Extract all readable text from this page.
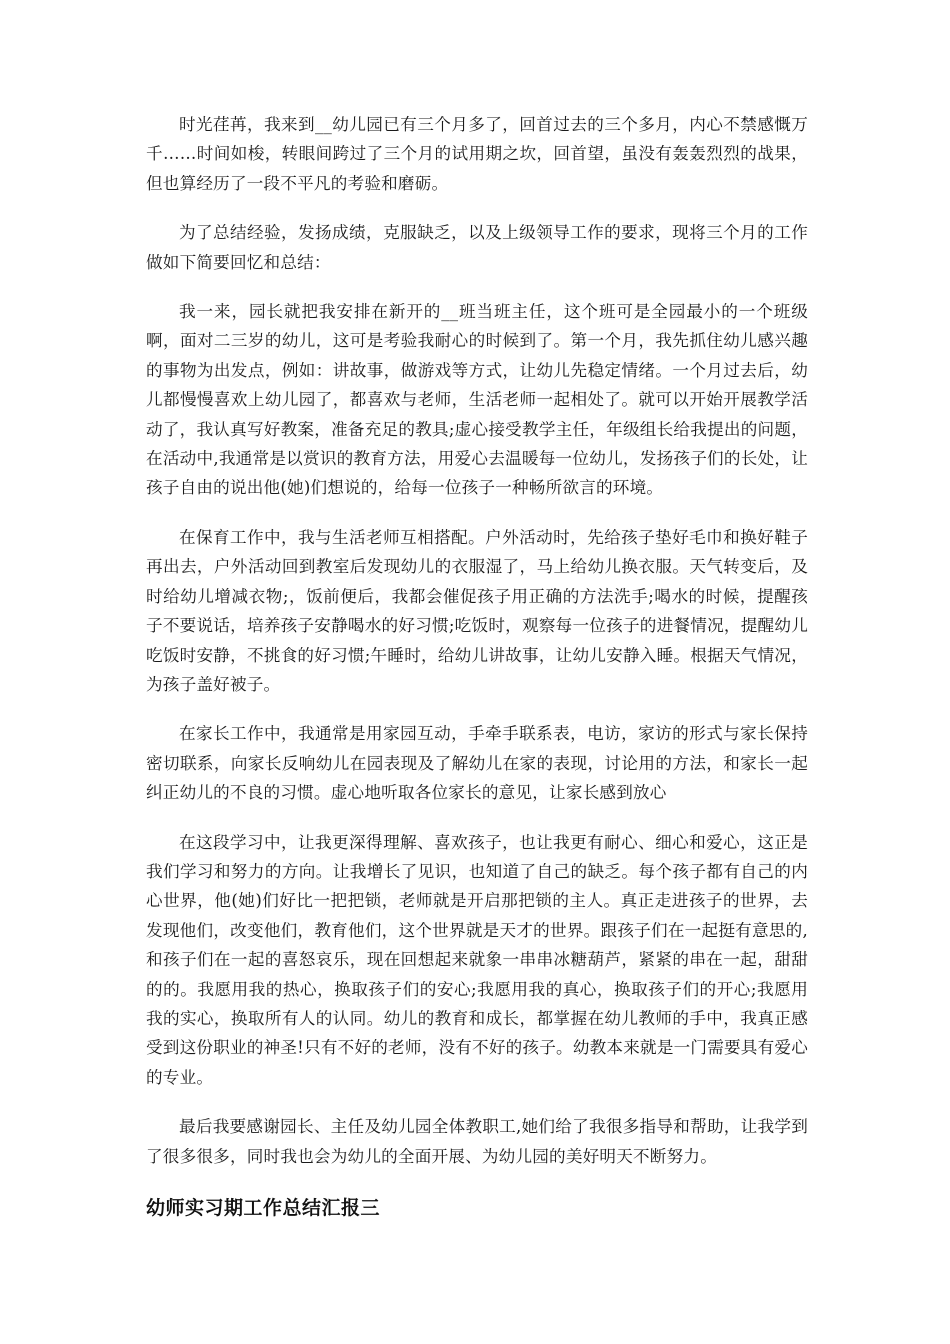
时光荏苒，我来到__幼儿园已有三个月多了，回首过去的三个多月，内心不禁感慨万千……时间如梭，转眼间跨过了三个月的试用期之坎，回首望，虽没有轰轰烈烈的战果，但也算经历了一段不平凡的考验和磨砺。

为了总结经验，发扬成绩，克服缺乏，以及上级领导工作的要求，现将三个月的工作做如下简要回忆和总结：

我一来，园长就把我安排在新开的__班当班主任，这个班可是全园最小的一个班级啊，面对二三岁的幼儿，这可是考验我耐心的时候到了。第一个月，我先抓住幼儿感兴趣的事物为出发点，例如：讲故事，做游戏等方式，让幼儿先稳定情绪。一个月过去后，幼儿都慢慢喜欢上幼儿园了，都喜欢与老师，生活老师一起相处了。就可以开始开展教学活动了，我认真写好教案，准备充足的教具;虚心接受教学主任，年级组长给我提出的问题，在活动中,我通常是以赏识的教育方法，用爱心去温暖每一位幼儿，发扬孩子们的长处，让孩子自由的说出他(她)们想说的，给每一位孩子一种畅所欲言的环境。

在保育工作中，我与生活老师互相搭配。户外活动时，先给孩子垫好毛巾和换好鞋子再出去，户外活动回到教室后发现幼儿的衣服湿了，马上给幼儿换衣服。天气转变后，及时给幼儿增减衣物;，饭前便后，我都会催促孩子用正确的方法洗手;喝水的时候，提醒孩子不要说话，培养孩子安静喝水的好习惯;吃饭时，观察每一位孩子的进餐情况，提醒幼儿吃饭时安静，不挑食的好习惯;午睡时，给幼儿讲故事，让幼儿安静入睡。根据天气情况，为孩子盖好被子。

在家长工作中，我通常是用家园互动，手牵手联系表，电访，家访的形式与家长保持密切联系，向家长反响幼儿在园表现及了解幼儿在家的表现，讨论用的方法，和家长一起纠正幼儿的不良的习惯。虚心地听取各位家长的意见，让家长感到放心

在这段学习中，让我更深得理解、喜欢孩子，也让我更有耐心、细心和爱心，这正是我们学习和努力的方向。让我增长了见识，也知道了自己的缺乏。每个孩子都有自己的内心世界，他(她)们好比一把把锁，老师就是开启那把锁的主人。真正走进孩子的世界，去发现他们，改变他们，教育他们，这个世界就是天才的世界。跟孩子们在一起挺有意思的,和孩子们在一起的喜怒哀乐，现在回想起来就象一串串冰糖葫芦，紧紧的串在一起，甜甜的的。我愿用我的热心，换取孩子们的安心;我愿用我的真心，换取孩子们的开心;我愿用我的实心，换取所有人的认同。幼儿的教育和成长，都掌握在幼儿教师的手中，我真正感受到这份职业的神圣!只有不好的老师，没有不好的孩子。幼教本来就是一门需要具有爱心的专业。

最后我要感谢园长、主任及幼儿园全体教职工,她们给了我很多指导和帮助，让我学到了很多很多，同时我也会为幼儿的全面开展、为幼儿园的美好明天不断努力。

幼师实习期工作总结汇报三
